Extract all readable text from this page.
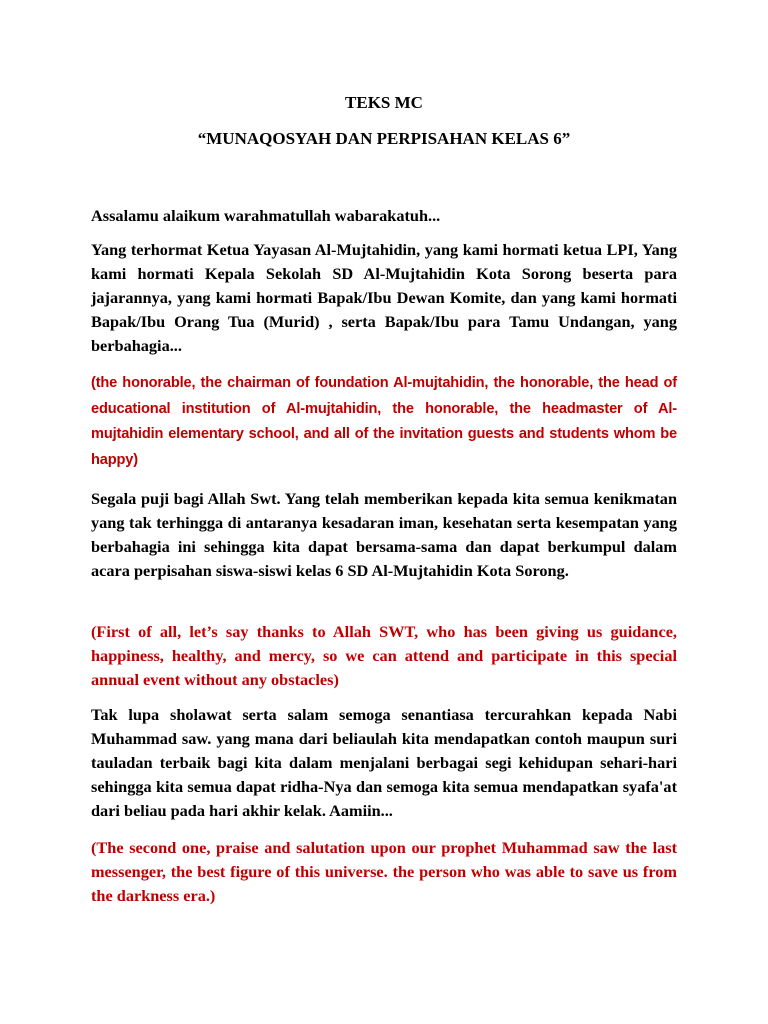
TEKS MC
“MUNAQOSYAH DAN PERPISAHAN KELAS 6”

Assalamu alaikum warahmatullah wabarakatuh...

Yang terhormat Ketua Yayasan Al-Mujtahidin, yang kami hormati ketua LPI, Yang kami hormati Kepala Sekolah SD Al-Mujtahidin Kota Sorong beserta para jajarannya, yang kami hormati Bapak/Ibu Dewan Komite, dan yang kami hormati Bapak/Ibu Orang Tua (Murid) , serta Bapak/Ibu para Tamu Undangan, yang berbahagia...

(the honorable, the chairman of foundation Al-mujtahidin, the honorable, the head of educational institution of Al-mujtahidin, the honorable, the headmaster of Al-mujtahidin elementary school, and all of the invitation guests and students whom be happy)

Segala puji bagi Allah Swt. Yang telah memberikan kepada kita semua kenikmatan yang tak terhingga di antaranya kesadaran iman, kesehatan serta kesempatan yang berbahagia ini sehingga kita dapat bersama-sama dan dapat berkumpul dalam acara perpisahan siswa-siswi kelas 6 SD Al-Mujtahidin Kota Sorong.

(First of all, let’s say thanks to Allah SWT, who has been giving us guidance, happiness, healthy, and mercy, so we can attend and participate in this special annual event without any obstacles)

Tak lupa sholawat serta salam semoga senantiasa tercurahkan kepada Nabi Muhammad saw. yang mana dari beliaulah kita mendapatkan contoh maupun suri tauladan terbaik bagi kita dalam menjalani berbagai segi kehidupan sehari-hari sehingga kita semua dapat ridha-Nya dan semoga kita semua mendapatkan syafa'at dari beliau pada hari akhir kelak. Aamiin...

(The second one, praise and salutation upon our prophet Muhammad saw the last messenger, the best figure of this universe. the person who was able to save us from the darkness era.)
